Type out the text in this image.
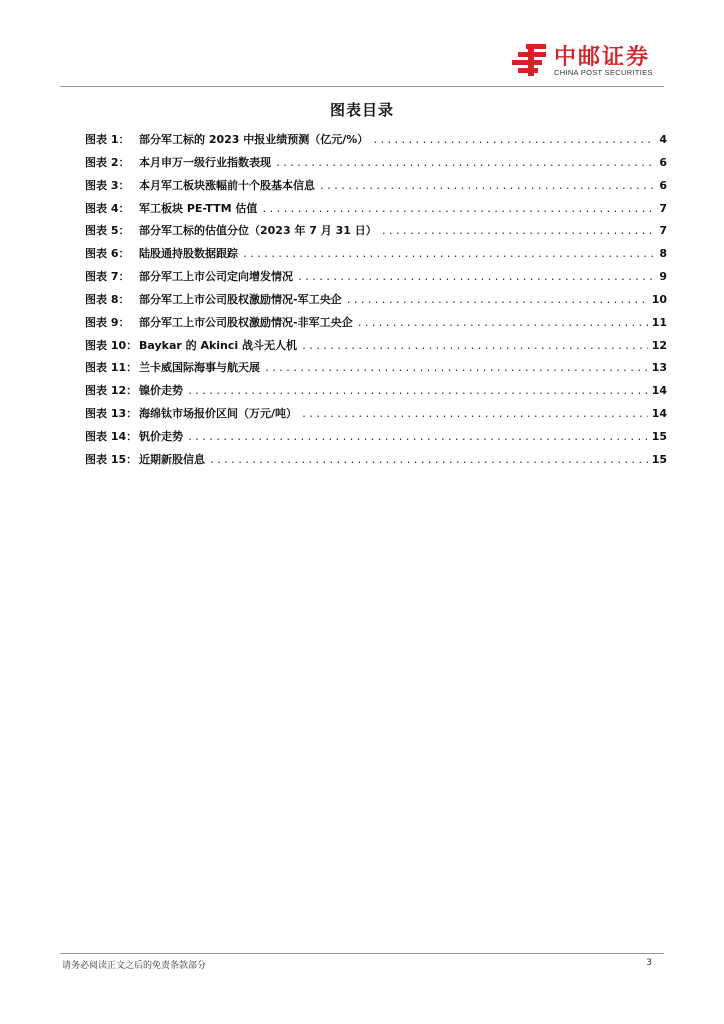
中邮证券
CHINA POST SECURITIES
图表目录
图表 1： 部分军工标的 2023 中报业绩预测（亿元/%） .....	4
图表 2： 本月申万一级行业指数表现 .....	6
图表 3： 本月军工板块涨幅前十个股基本信息 .....	6
图表 4： 军工板块 PE-TTM 估值 .....	7
图表 5： 部分军工标的估值分位（2023 年 7 月 31 日） .....	7
图表 6： 陆股通持股数据跟踪 .....	8
图表 7： 部分军工上市公司定向增发情况 .....	9
图表 8： 部分军工上市公司股权激励情况-军工央企 .....	10
图表 9： 部分军工上市公司股权激励情况-非军工央企 .....	11
图表 10： Baykar 的 Akinci 战斗无人机 .....	12
图表 11： 兰卡威国际海事与航天展 .....	13
图表 12： 镍价走势 .....	14
图表 13： 海绵钛市场报价区间（万元/吨） .....	14
图表 14： 钒价走势 .....	15
图表 15： 近期新股信息 .....	15
请务必阅读正文之后的免责条款部分	3
